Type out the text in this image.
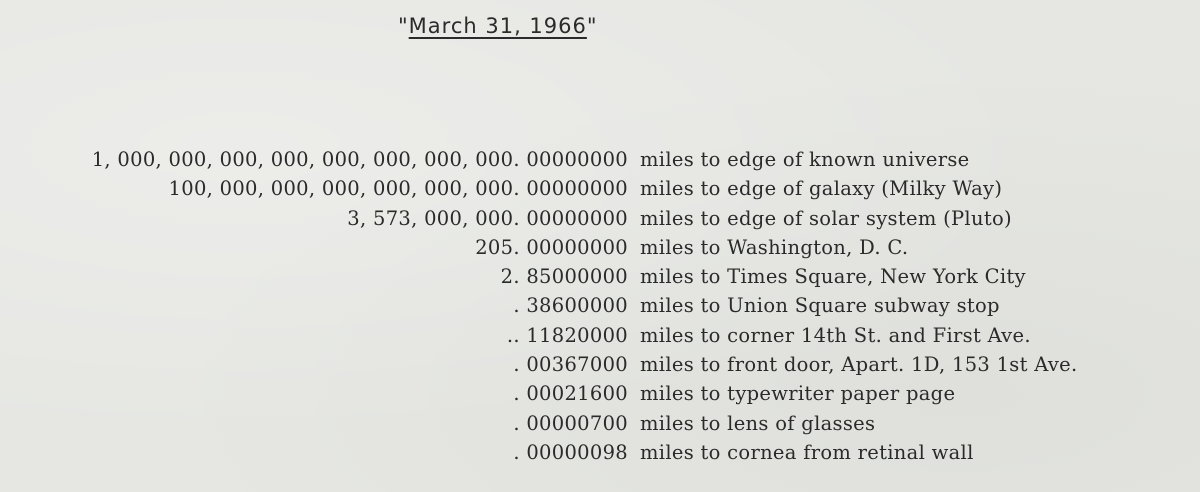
"March 31, 1966"
1, 000, 000, 000, 000, 000, 000, 000, 000. 00000000 miles to edge of known universe
100, 000, 000, 000, 000, 000, 000. 00000000 miles to edge of galaxy (Milky Way)
3, 573, 000, 000. 00000000 miles to edge of solar system (Pluto)
205. 00000000 miles to Washington, D. C.
2. 85000000 miles to Times Square, New York City
. 38600000 miles to Union Square subway stop
.. 11820000 miles to corner 14th St. and First Ave.
. 00367000 miles to front door, Apart. 1D, 153 1st Ave.
. 00021600 miles to typewriter paper page
. 00000700 miles to lens of glasses
. 00000098 miles to cornea from retinal wall
